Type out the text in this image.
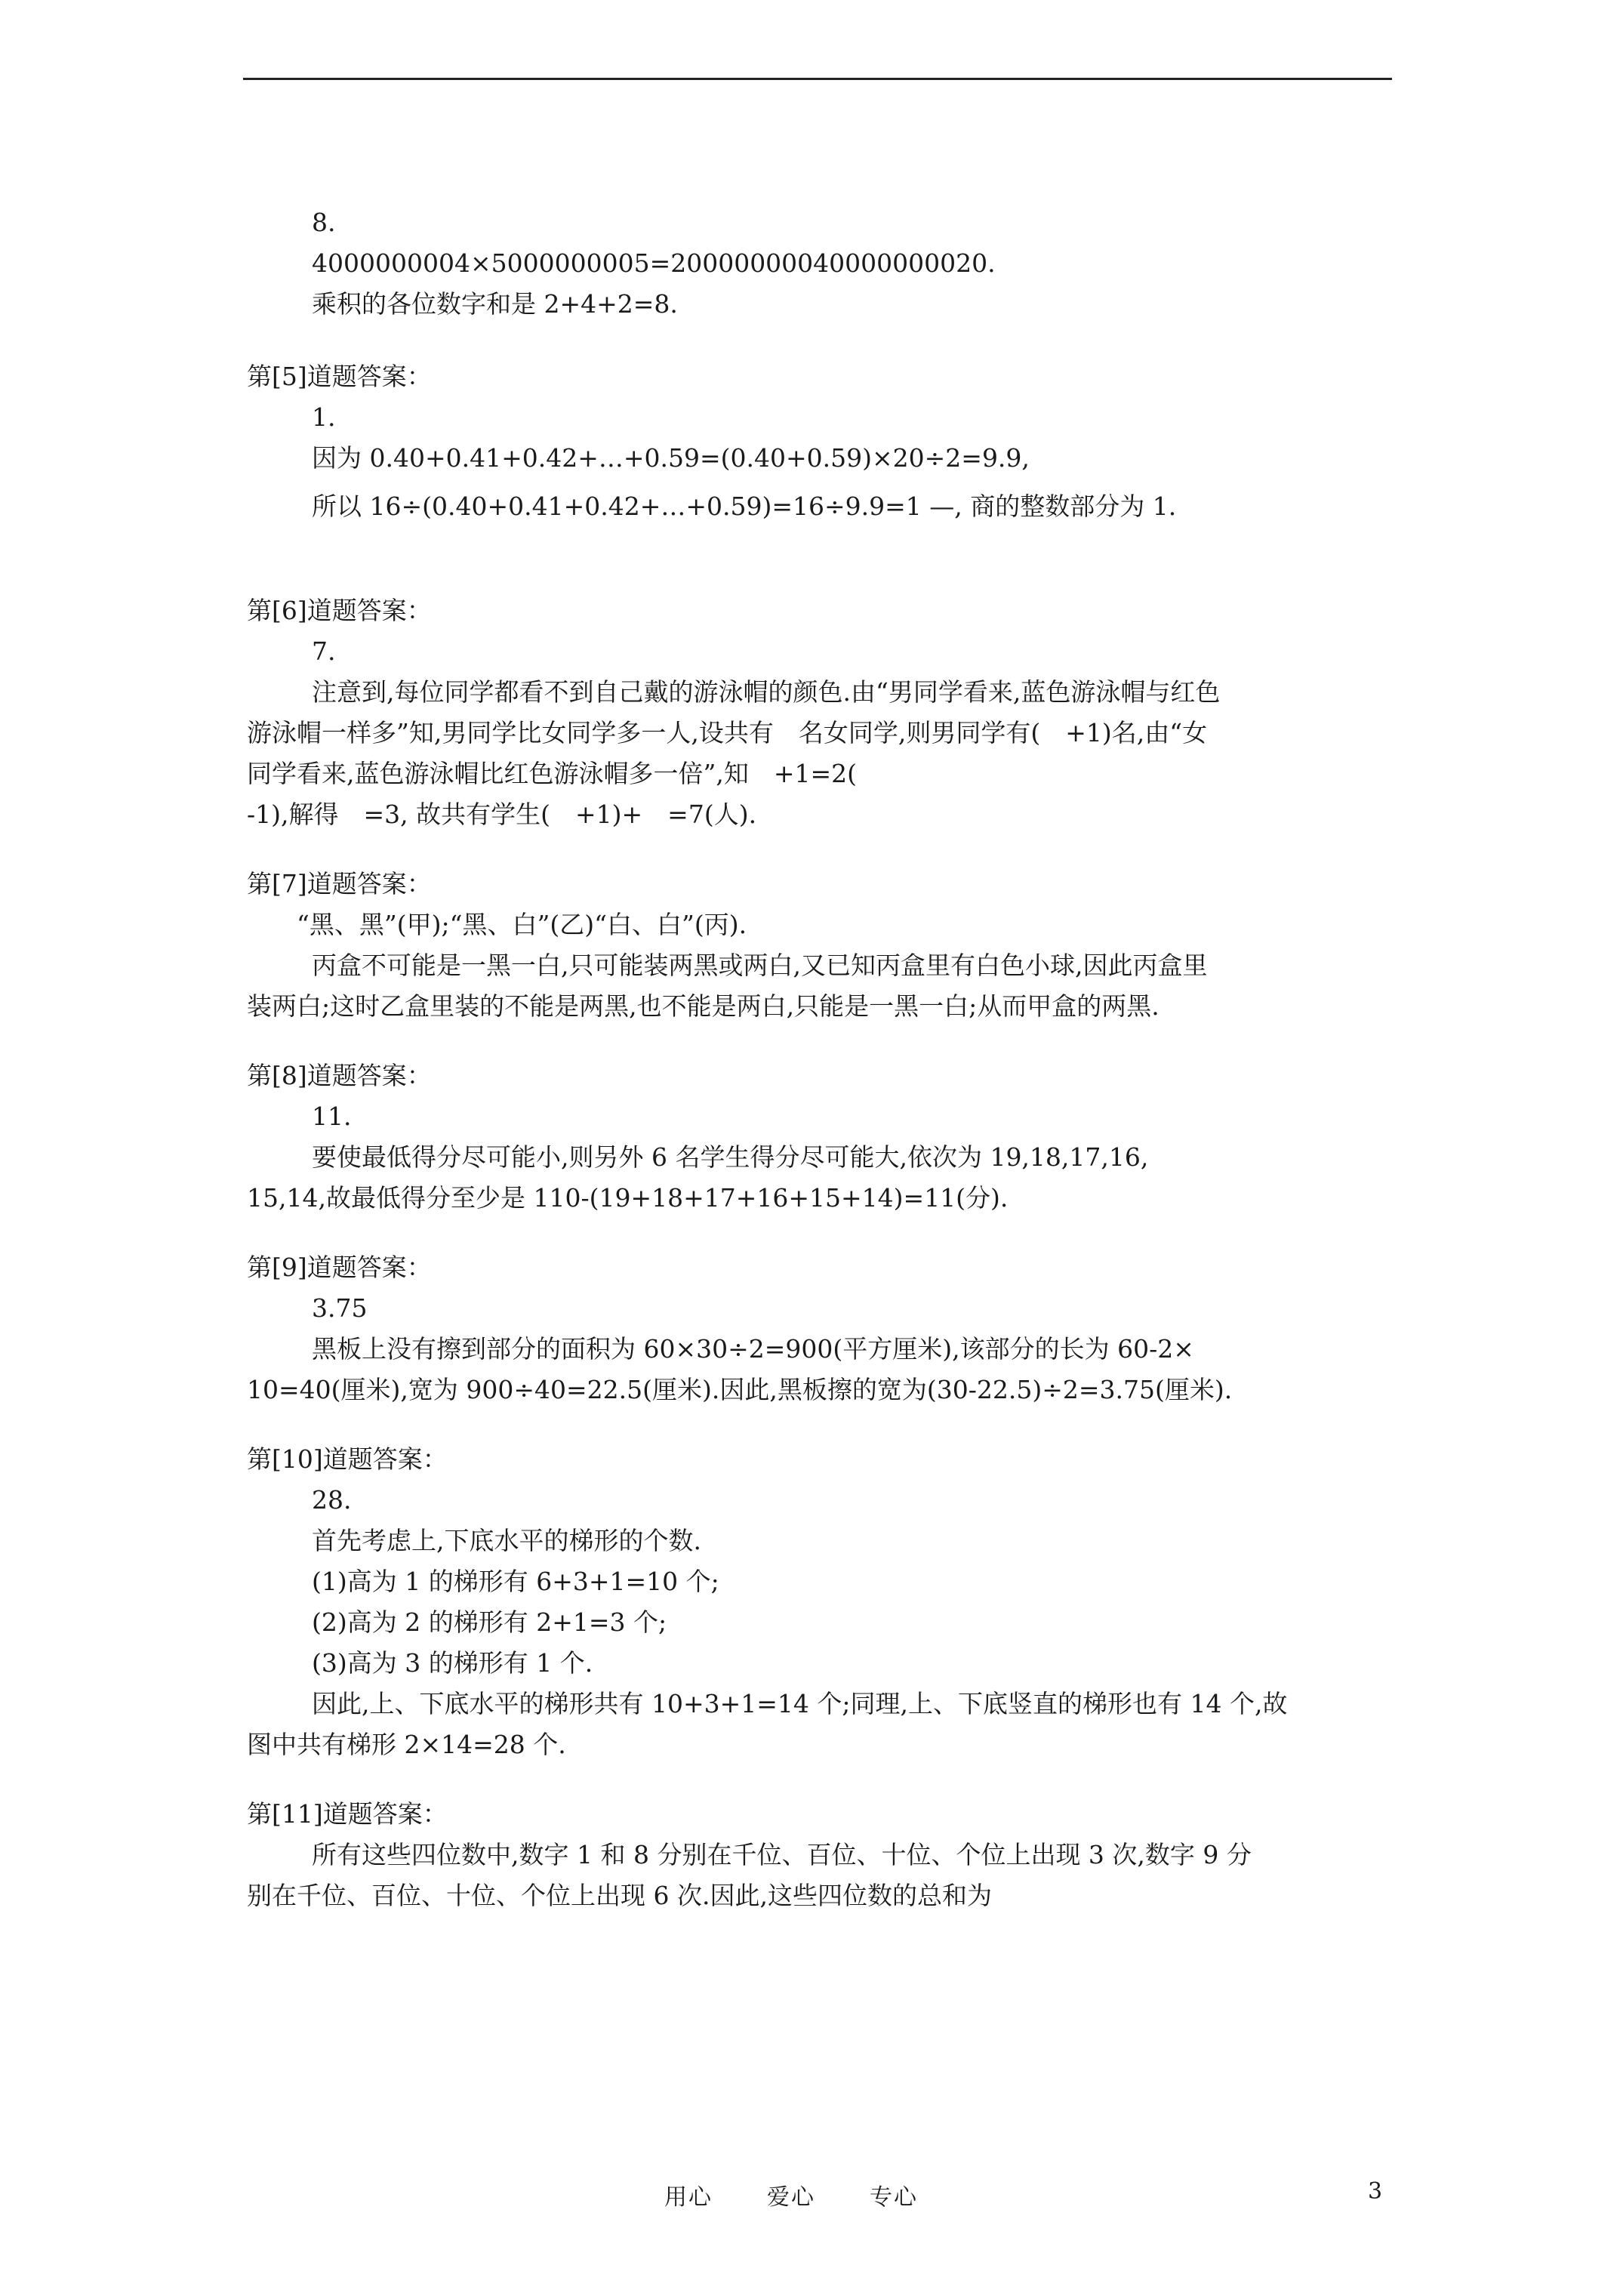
8.

4000000004×5000000005=20000000040000000020.

乘积的各位数字和是 2+4+2=8.

第[5]道题答案：

1.

因为 0.40+0.41+0.42+…+0.59=(0.40+0.59)×20÷2=9.9,

所以 16÷(0.40+0.41+0.42+…+0.59)=16÷9.9=1 —, 商的整数部分为 1.

第[6]道题答案：

7.

注意到,每位同学都看不到自己戴的游泳帽的颜色.由“男同学看来,蓝色游泳帽与红色

游泳帽一样多”知,男同学比女同学多一人,设共有　名女同学,则男同学有(　+1)名,由“女

同学看来,蓝色游泳帽比红色游泳帽多一倍”,知　+1=2(

-1),解得　=3, 故共有学生(　+1)+　=7(人).

第[7]道题答案：

“黑、黑”(甲);“黑、白”(乙)“白、白”(丙).

丙盒不可能是一黑一白,只可能装两黑或两白,又已知丙盒里有白色小球,因此丙盒里

装两白;这时乙盒里装的不能是两黑,也不能是两白,只能是一黑一白;从而甲盒的两黑.

第[8]道题答案：

11.

要使最低得分尽可能小,则另外 6 名学生得分尽可能大,依次为 19,18,17,16,

15,14,故最低得分至少是 110-(19+18+17+16+15+14)=11(分).

第[9]道题答案：

3.75

黑板上没有擦到部分的面积为 60×30÷2=900(平方厘米),该部分的长为 60-2×

10=40(厘米),宽为 900÷40=22.5(厘米).因此,黑板擦的宽为(30-22.5)÷2=3.75(厘米).

第[10]道题答案：

28.

首先考虑上,下底水平的梯形的个数.

(1)高为 1 的梯形有 6+3+1=10 个;

(2)高为 2 的梯形有 2+1=3 个;

(3)高为 3 的梯形有 1 个.

因此,上、下底水平的梯形共有 10+3+1=14 个;同理,上、下底竖直的梯形也有 14 个,故

图中共有梯形 2×14=28 个.

第[11]道题答案：

所有这些四位数中,数字 1 和 8 分别在千位、百位、十位、个位上出现 3 次,数字 9 分

别在千位、百位、十位、个位上出现 6 次.因此,这些四位数的总和为

用心 爱心 专心	3
